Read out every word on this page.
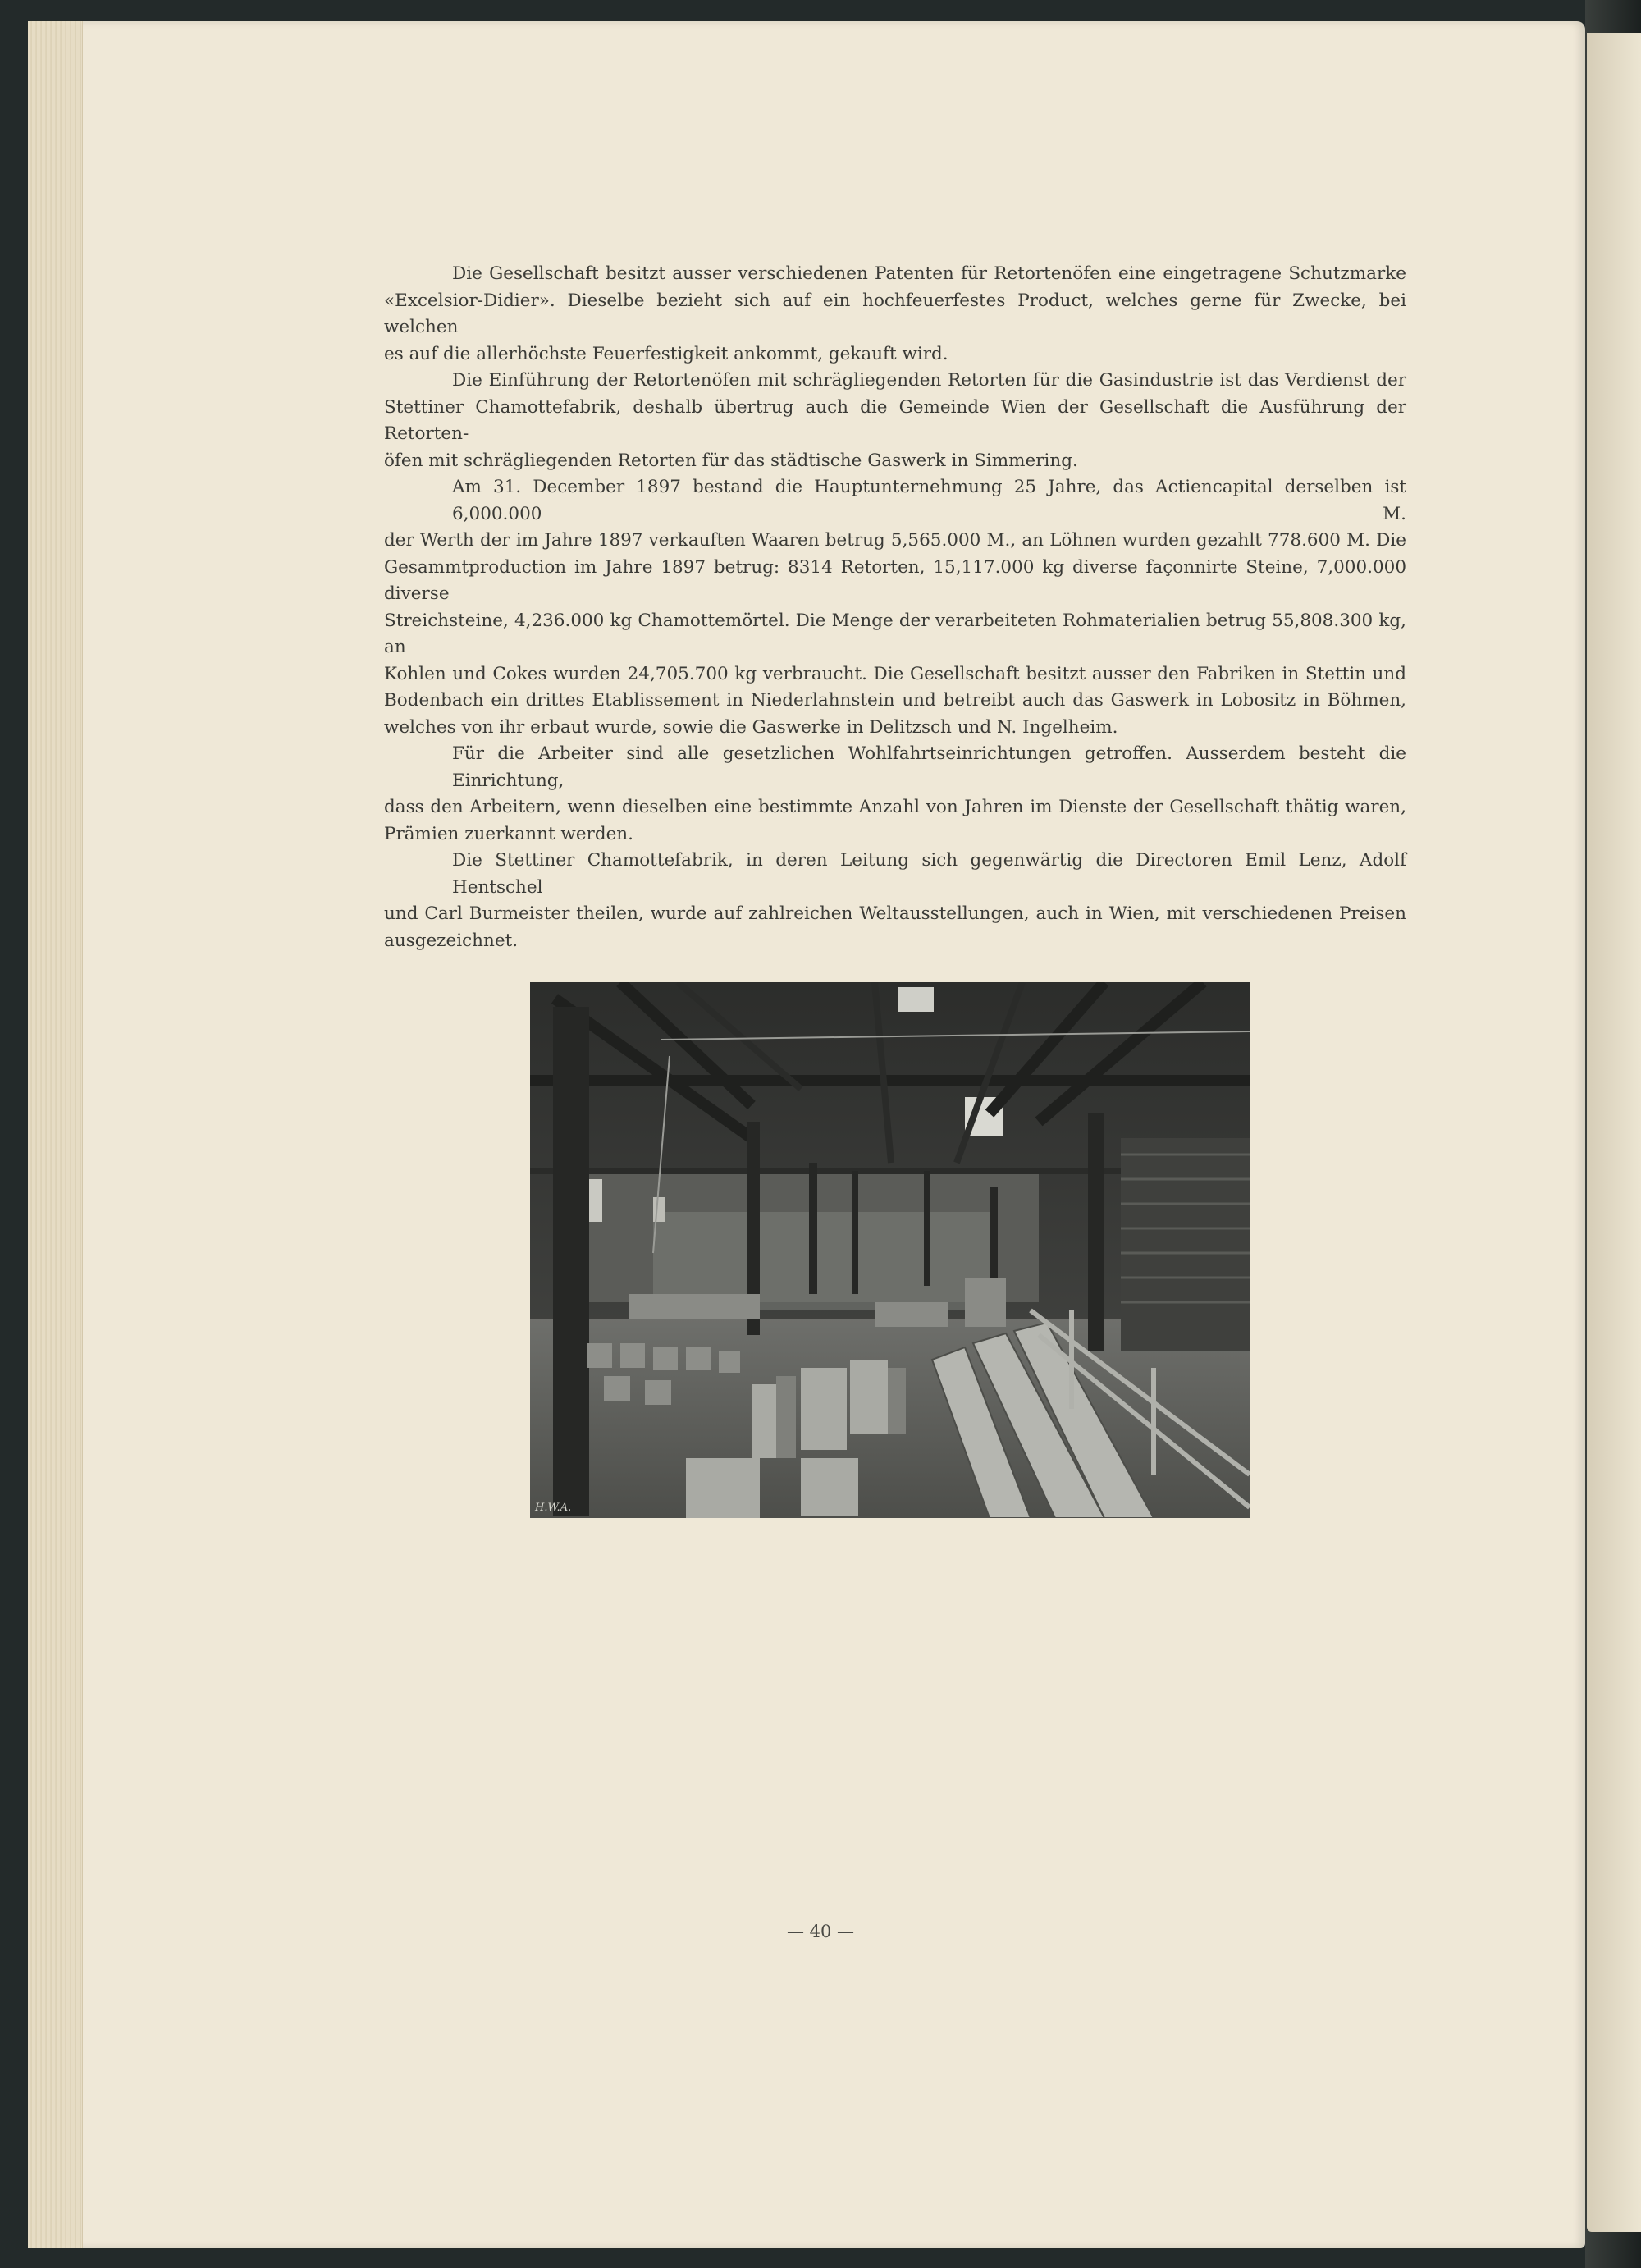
Die Gesellschaft besitzt ausser verschiedenen Patenten für Retortenöfen eine eingetragene Schutzmarke
«Excelsior-Didier». Dieselbe bezieht sich auf ein hochfeuerfestes Product, welches gerne für Zwecke, bei welchen
es auf die allerhöchste Feuerfestigkeit ankommt, gekauft wird.

Die Einführung der Retortenöfen mit schrägliegenden Retorten für die Gasindustrie ist das Verdienst der
Stettiner Chamottefabrik, deshalb übertrug auch die Gemeinde Wien der Gesellschaft die Ausführung der Retorten-
öfen mit schrägliegenden Retorten für das städtische Gaswerk in Simmering.

Am 31. December 1897 bestand die Hauptunternehmung 25 Jahre, das Actiencapital derselben ist 6,000.000 M.
der Werth der im Jahre 1897 verkauften Waaren betrug 5,565.000 M., an Löhnen wurden gezahlt 778.600 M. Die
Gesammtproduction im Jahre 1897 betrug: 8314 Retorten, 15,117.000 kg diverse façonnirte Steine, 7,000.000 diverse
Streichsteine, 4,236.000 kg Chamottemörtel. Die Menge der verarbeiteten Rohmaterialien betrug 55,808.300 kg, an
Kohlen und Cokes wurden 24,705.700 kg verbraucht. Die Gesellschaft besitzt ausser den Fabriken in Stettin und
Bodenbach ein drittes Etablissement in Niederlahnstein und betreibt auch das Gaswerk in Lobositz in Böhmen,
welches von ihr erbaut wurde, sowie die Gaswerke in Delitzsch und N. Ingelheim.

Für die Arbeiter sind alle gesetzlichen Wohlfahrtseinrichtungen getroffen. Ausserdem besteht die Einrichtung,
dass den Arbeitern, wenn dieselben eine bestimmte Anzahl von Jahren im Dienste der Gesellschaft thätig waren,
Prämien zuerkannt werden.

Die Stettiner Chamottefabrik, in deren Leitung sich gegenwärtig die Directoren Emil Lenz, Adolf Hentschel
und Carl Burmeister theilen, wurde auf zahlreichen Weltausstellungen, auch in Wien, mit verschiedenen Preisen
ausgezeichnet.

H.W.A.
— 40 —
